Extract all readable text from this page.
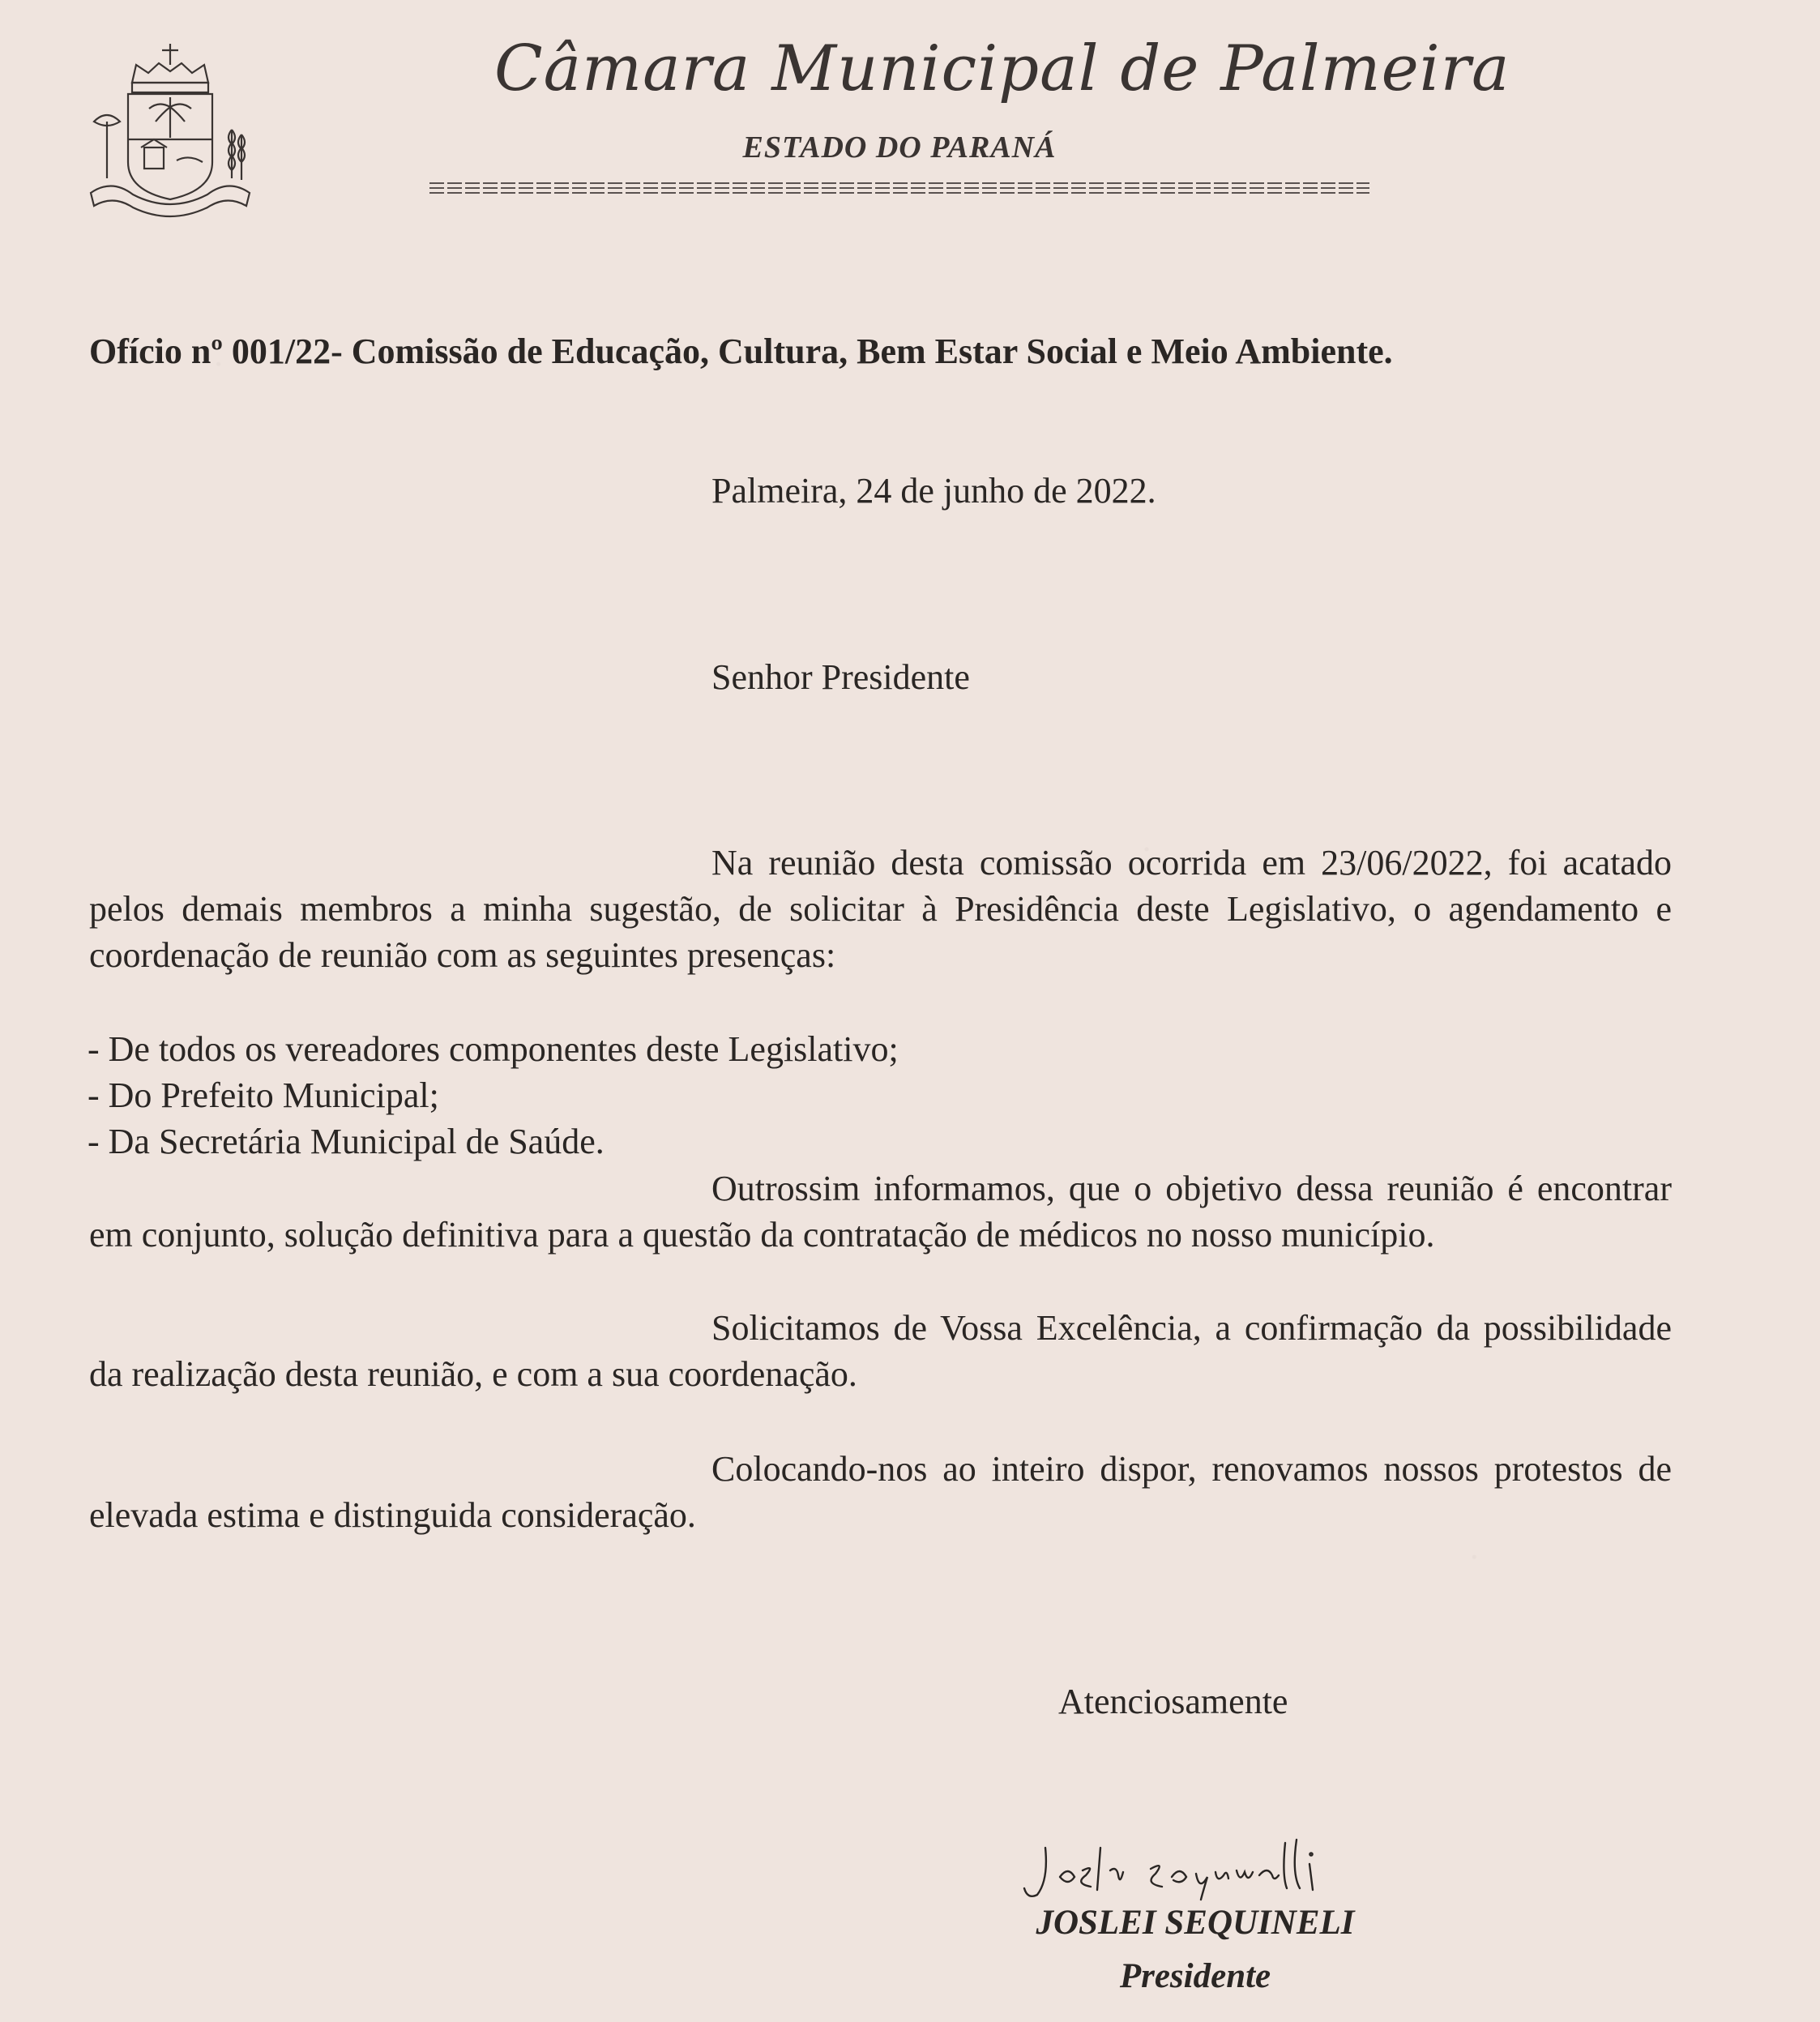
Câmara Municipal de Palmeira
ESTADO DO PARANÁ
Ofício nº 001/22- Comissão de Educação, Cultura, Bem Estar Social e Meio Ambiente.
Palmeira, 24 de junho de 2022.
Senhor Presidente
Na reunião desta comissão ocorrida em 23/06/2022, foi acatado pelos demais membros a minha sugestão, de solicitar à Presidência deste Legislativo, o agendamento e coordenação de reunião com as seguintes presenças:
- De todos os vereadores componentes deste Legislativo;
- Do Prefeito Municipal;
- Da Secretária Municipal de Saúde.
Outrossim informamos, que o objetivo dessa reunião é encontrar em conjunto, solução definitiva para a questão da contratação de médicos no nosso município.
Solicitamos de Vossa Excelência, a confirmação da possibilidade da realização desta reunião, e com a sua coordenação.
Colocando-nos ao inteiro dispor, renovamos nossos protestos de elevada estima e distinguida consideração.
Atenciosamente
JOSLEI SEQUINELI
Presidente
